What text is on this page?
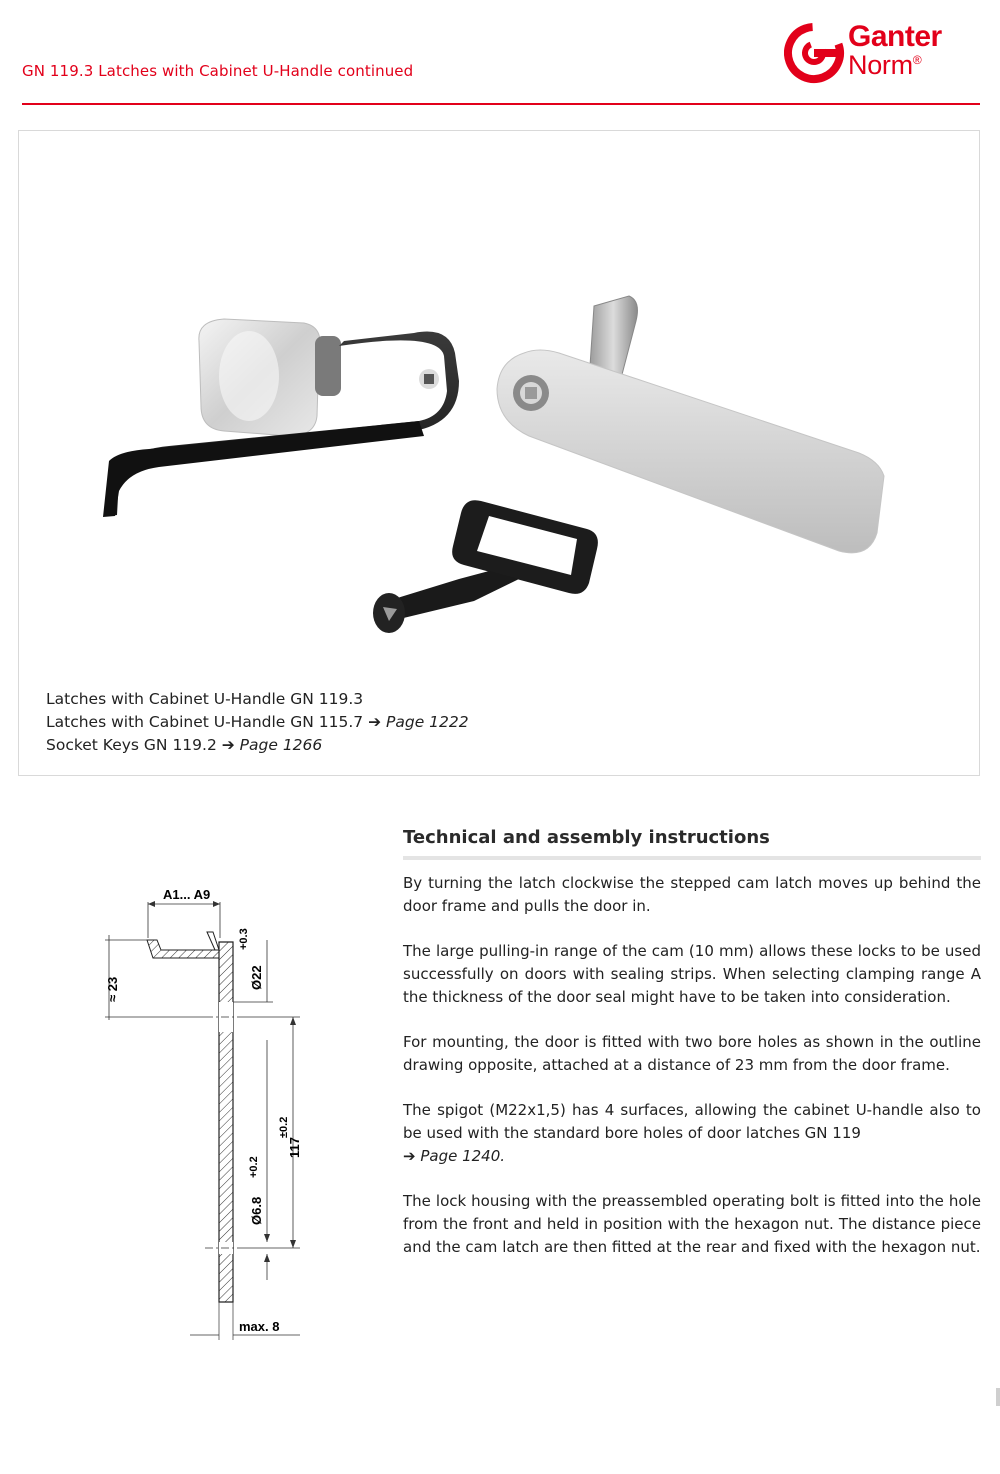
GN 119.3 Latches with Cabinet U-Handle continued
Ganter
Norm®
Latches with Cabinet U-Handle GN 119.3
Latches with Cabinet U-Handle GN 115.7 ➔ Page 1222
Socket Keys GN 119.2 ➔ Page 1266
A1... A9
≈ 23	Ø22
+0.3
117
±0.2
Ø6.8
+0.2
max. 8
Technical and assembly instructions

By turning the latch clockwise the stepped cam latch moves up behind the door frame and pulls the door in.

The large pulling-in range of the cam (10 mm) allows these locks to be used successfully on doors with sealing strips. When selecting clamping range A the thickness of the door seal might have to be taken into consideration.

For mounting, the door is fitted with two bore holes as shown in the outline drawing opposite, attached at a distance of 23 mm from the door frame.

The spigot (M22x1,5) has 4 surfaces, allowing the cabinet U-handle also to be used with the standard bore holes of door latches GN 119
➔ Page 1240.

The lock housing with the preassembled operating bolt is fitted into the hole from the front and held in position with the hexagon nut. The distance piece and the cam latch are then fitted at the rear and fixed with the hexagon nut.
